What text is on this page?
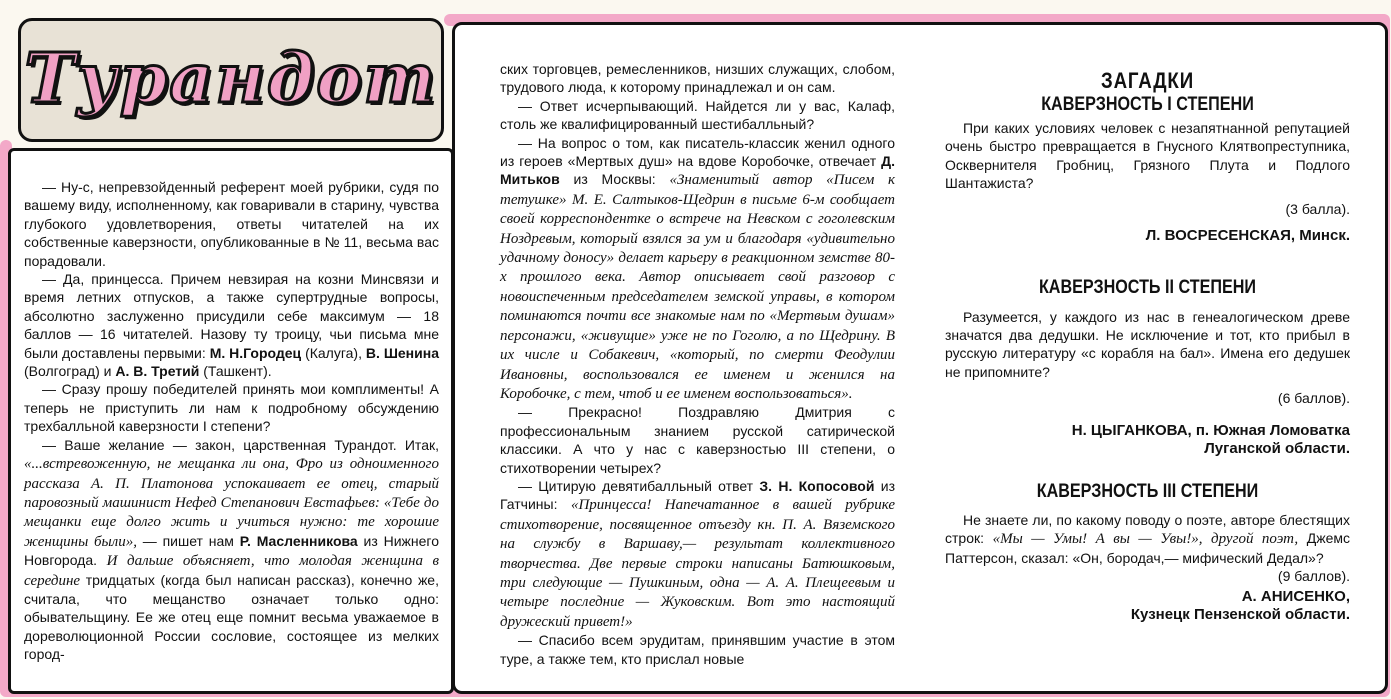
Турандот

— Ну-с, непревзойденный референт моей рубрики, судя по вашему виду, исполненному, как говаривали в старину, чувства глубокого удовлетворения, ответы читателей на их собственные каверзности, опубликованные в № 11, весьма вас порадовали.

— Да, принцесса. Причем невзирая на козни Минсвязи и время летних отпусков, а также супертрудные вопросы, абсолютно заслуженно присудили себе максимум — 18 баллов — 16 читателей. Назову ту троицу, чьи письма мне были доставлены первыми: М. Н.Городец (Калуга), В. Шенина (Волгоград) и А. В. Третий (Ташкент).

— Сразу прошу победителей принять мои комплименты! А теперь не приступить ли нам к подробному обсуждению трехбалльной каверзности I степени?

— Ваше желание — закон, царственная Турандот. Итак, «...встревоженную, не мещанка ли она, Фро из одноименного рассказа А. П. Платонова успокаивает ее отец, старый паровозный машинист Нефед Степанович Евстафьев: «Тебе до мещанки еще долго жить и учиться нужно: те хорошие женщины были», — пишет нам Р. Масленникова из Нижнего Новгорода. И дальше объясняет, что молодая женщина в середине тридцатых (когда был написан рассказ), конечно же, считала, что мещанство означает только одно: обывательщину. Ее же отец еще помнит весьма уважаемое в дореволюционной России сословие, состоящее из мелких город-

ских торговцев, ремесленников, низших служащих, слобом, трудового люда, к которому принадлежал и он сам.

— Ответ исчерпывающий. Найдется ли у вас, Калаф, столь же квалифицированный шестибалльный?

— На вопрос о том, как писатель-классик женил одного из героев «Мертвых душ» на вдове Коробочке, отвечает Д. Митьков из Москвы: «Знаменитый автор «Писем к тетушке» М. Е. Салтыков-Щедрин в письме 6-м сообщает своей корреспондентке о встрече на Невском с гоголевским Ноздревым, который взялся за ум и благодаря «удивительно удачному доносу» делает карьеру в реакционном земстве 80-х прошлого века. Автор описывает свой разговор с новоиспеченным председателем земской управы, в котором поминаются почти все знакомые нам по «Мертвым душам» персонажи, «живущие» уже не по Гоголю, а по Щедрину. В их числе и Собакевич, «который, по смерти Феодулии Ивановны, воспользовался ее именем и женился на Коробочке, с тем, чтоб и ее именем воспользоваться».

— Прекрасно! Поздравляю Дмитрия с профессиональным знанием русской сатирической классики. А что у нас с каверзностью III степени, о стихотворении четырех?

— Цитирую девятибалльный ответ З. Н. Копосовой из Гатчины: «Принцесса! Напечатанное в вашей рубрике стихотворение, посвященное отъезду кн. П. А. Вяземского на службу в Варшаву,— результат коллективного творчества. Две первые строки написаны Батюшковым, три следующие — Пушкиным, одна — А. А. Плещеевым и четыре последние — Жуковским. Вот это настоящий дружеский привет!»

— Спасибо всем эрудитам, принявшим участие в этом туре, а также тем, кто прислал новые

ЗАГАДКИ
КАВЕРЗНОСТЬ I СТЕПЕНИ

При каких условиях человек с незапятнанной репутацией очень быстро превращается в Гнусного Клятвопреступника, Осквернителя Гробниц, Грязного Плута и Подлого Шантажиста?

(3 балла).
Л. ВОСРЕСЕНСКАЯ, Минск.
КАВЕРЗНОСТЬ II СТЕПЕНИ

Разумеется, у каждого из нас в генеалогическом древе значатся два дедушки. Не исключение и тот, кто прибыл в русскую литературу «с корабля на бал». Имена его дедушек не припомните?

(6 баллов).
Н. ЦЫГАНКОВА, п. Южная Ломоватка
Луганской области.
КАВЕРЗНОСТЬ III СТЕПЕНИ

Не знаете ли, по какому поводу о поэте, авторе блестящих строк: «Мы — Умы! А вы — Увы!», другой поэт, Джемс Паттерсон, сказал: «Он, бородач,— мифический Дедал»?

(9 баллов).
А. АНИСЕНКО,
Кузнецк Пензенской области.
